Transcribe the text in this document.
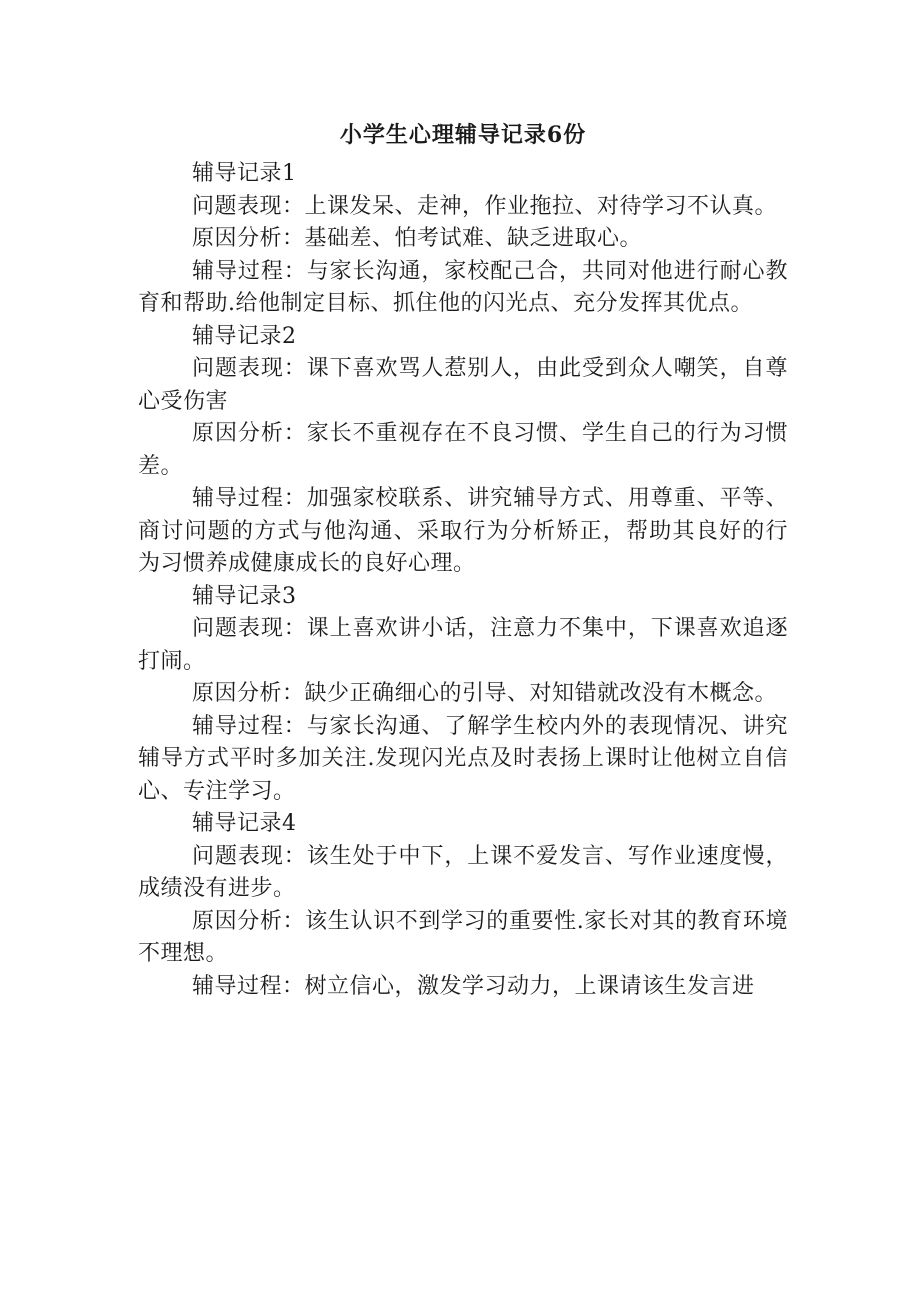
小学生心理辅导记录6份

辅导记录1

问题表现：上课发呆、走神，作业拖拉、对待学习不认真。

原因分析：基础差、怕考试难、缺乏进取心。

辅导过程：与家长沟通，家校配己合，共同对他进行耐心教育和帮助.给他制定目标、抓住他的闪光点、充分发挥其优点。

辅导记录2

问题表现：课下喜欢骂人惹别人，由此受到众人嘲笑，自尊心受伤害

原因分析：家长不重视存在不良习惯、学生自己的行为习惯差。

辅导过程：加强家校联系、讲究辅导方式、用尊重、平等、商讨问题的方式与他沟通、采取行为分析矫正，帮助其良好的行为习惯养成健康成长的良好心理。

辅导记录3

问题表现：课上喜欢讲小话，注意力不集中，下课喜欢追逐打闹。

原因分析：缺少正确细心的引导、对知错就改没有木概念。

辅导过程：与家长沟通、了解学生校内外的表现情况、讲究辅导方式平时多加关注.发现闪光点及时表扬上课时让他树立自信心、专注学习。

辅导记录4

问题表现：该生处于中下，上课不爱发言、写作业速度慢，成绩没有进步。

原因分析：该生认识不到学习的重要性.家长对其的教育环境不理想。

辅导过程：树立信心，激发学习动力，上课请该生发言进
